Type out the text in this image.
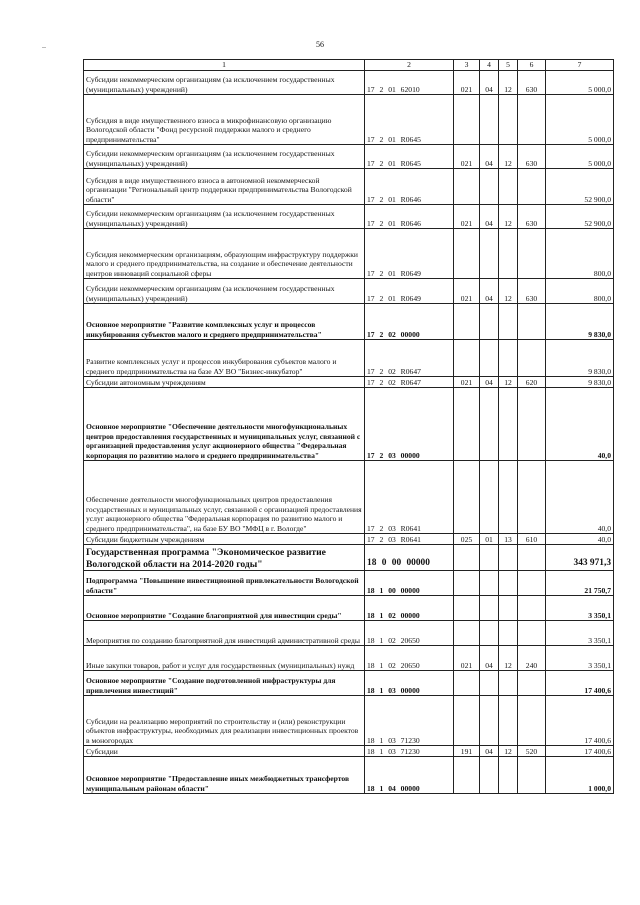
56
1	2	3	4	5	6	7
Субсидии некоммерческим организациям (за исключением государственных (муниципальных) учреждений)	17 2 01 62010	021	04	12	630	5 000,0
Субсидия в виде имущественного взноса в микрофинансовую организацию Вологодской области "Фонд ресурсной поддержки малого и среднего предпринимательства"	17 2 01 R0645					5 000,0
Субсидии некоммерческим организациям (за исключением государственных (муниципальных) учреждений)	17 2 01 R0645	021	04	12	630	5 000,0
Субсидия в виде имущественного взноса в автономной некоммерческой организации "Региональный центр поддержки предпринимательства Вологодской области"	17 2 01 R0646					52 900,0
Субсидии некоммерческим организациям (за исключением государственных (муниципальных) учреждений)	17 2 01 R0646	021	04	12	630	52 900,0
Субсидия некоммерческим организациям, образующим инфраструктуру поддержки малого и среднего предпринимательства, на создание и обеспечение деятельности центров инноваций социальной сферы	17 2 01 R0649					800,0
Субсидии некоммерческим организациям (за исключением государственных (муниципальных) учреждений)	17 2 01 R0649	021	04	12	630	800,0
Основное мероприятие "Развитие комплексных услуг и процессов инкубирования субъектов малого и среднего предпринимательства"	17 2 02 00000					9 830,0
Развитие комплексных услуг и процессов инкубирования субъектов малого и среднего предпринимательства на базе АУ ВО "Бизнес-инкубатор"	17 2 02 R0647					9 830,0
Субсидии автономным учреждениям	17 2 02 R0647	021	04	12	620	9 830,0
Основное мероприятие "Обеспечение деятельности многофункциональных центров предоставления государственных и муниципальных услуг, связанной с организацией предоставления услуг акционерного общества "Федеральная корпорация по развитию малого и среднего предпринимательства"	17 2 03 00000					40,0
Обеспечение деятельности многофункциональных центров предоставления государственных и муниципальных услуг, связанной с организацией предоставления услуг акционерного общества "Федеральная корпорация по развитию малого и среднего предпринимательства", на базе БУ ВО "МФЦ в г. Вологде"	17 2 03 R0641					40,0
Субсидии бюджетным учреждениям	17 2 03 R0641	025	01	13	610	40,0
Государственная программа "Экономическое развитие Вологодской области на 2014-2020 годы"	18 0 00 00000					343 971,3
Подпрограмма "Повышение инвестиционной привлекательности Вологодской области"	18 1 00 00000					21 750,7
Основное мероприятие "Создание благоприятной для инвестиции среды"	18 1 02 00000					3 350,1
Мероприятия по созданию благоприятной для инвестиций административной среды	18 1 02 20650					3 350,1
Иные закупки товаров, работ и услуг для государственных (муниципальных) нужд	18 1 02 20650	021	04	12	240	3 350,1
Основное мероприятие "Создание подготовленной инфраструктуры для привлечения инвестиций"	18 1 03 00000					17 400,6
Субсидии на реализацию мероприятий по строительству и (или) реконструкции объектов инфраструктуры, необходимых для реализации инвестиционных проектов в моногородах	18 1 03 71230					17 400,6
Субсидии	18 1 03 71230	191	04	12	520	17 400,6
Основное мероприятие "Предоставление иных межбюджетных трансфертов муниципальным районам области"	18 1 04 00000					1 000,0
